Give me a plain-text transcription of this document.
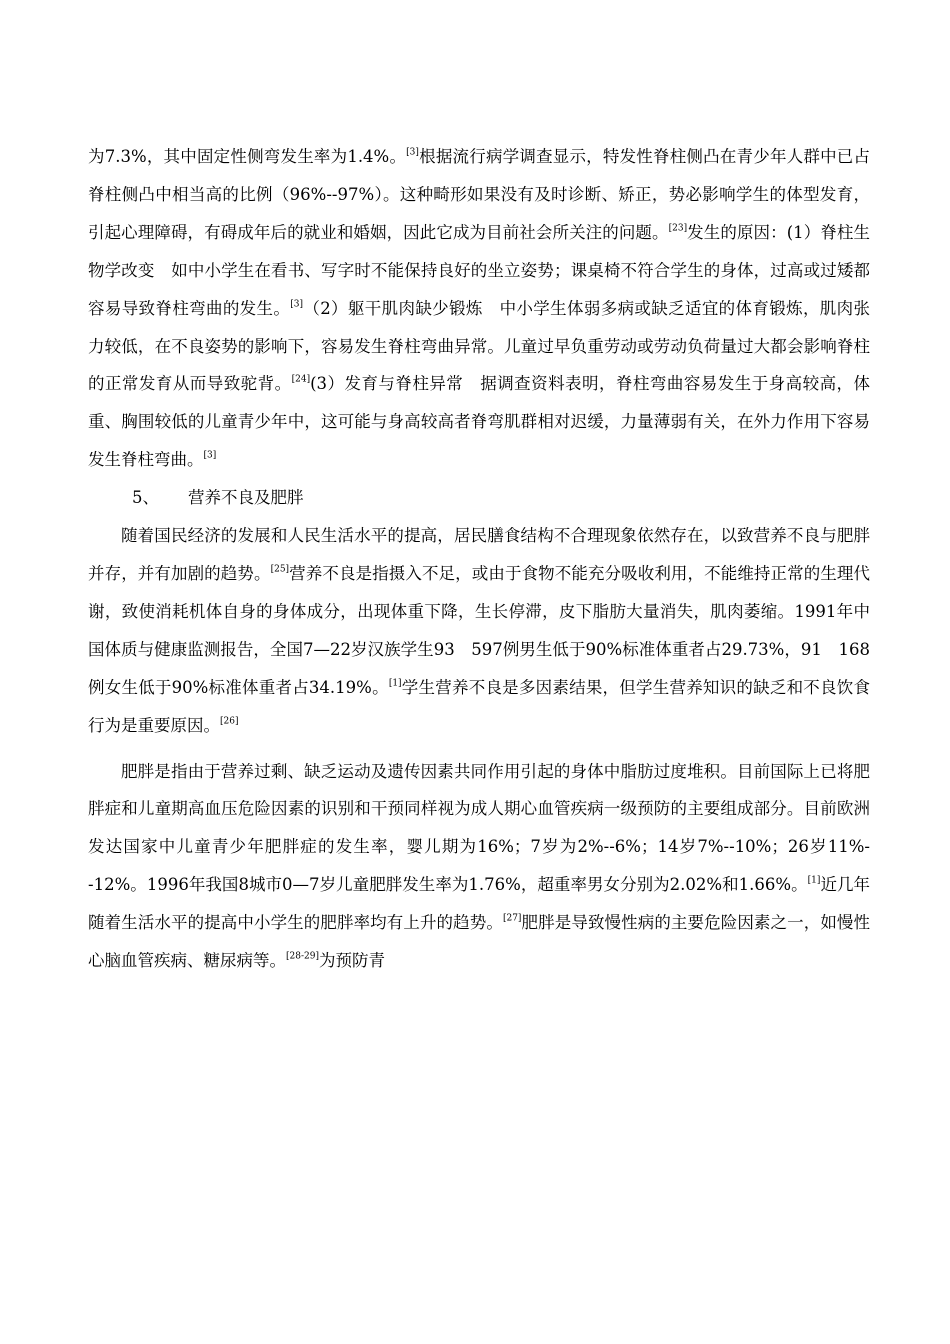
为7.3%，其中固定性侧弯发生率为1.4%。[3]根据流行病学调查显示，特发性脊柱侧凸在青少年人群中已占脊柱侧凸中相当高的比例（96%--97%）。这种畸形如果没有及时诊断、矫正，势必影响学生的体型发育，引起心理障碍，有碍成年后的就业和婚姻，因此它成为目前社会所关注的问题。[23]发生的原因：(1）脊柱生物学改变　如中小学生在看书、写字时不能保持良好的坐立姿势；课桌椅不符合学生的身体，过高或过矮都容易导致脊柱弯曲的发生。[3]（2）躯干肌肉缺少锻炼　中小学生体弱多病或缺乏适宜的体育锻炼，肌肉张力较低，在不良姿势的影响下，容易发生脊柱弯曲异常。儿童过早负重劳动或劳动负荷量过大都会影响脊柱的正常发育从而导致驼背。[24](3）发育与脊柱异常　据调查资料表明，脊柱弯曲容易发生于身高较高，体重、胸围较低的儿童青少年中，这可能与身高较高者脊弯肌群相对迟缓，力量薄弱有关，在外力作用下容易发生脊柱弯曲。[3]

5、 营养不良及肥胖

随着国民经济的发展和人民生活水平的提高，居民膳食结构不合理现象依然存在，以致营养不良与肥胖并存，并有加剧的趋势。[25]营养不良是指摄入不足，或由于食物不能充分吸收利用，不能维持正常的生理代谢，致使消耗机体自身的身体成分，出现体重下降，生长停滞，皮下脂肪大量消失，肌肉萎缩。1991年中国体质与健康监测报告，全国7—22岁汉族学生93　597例男生低于90%标准体重者占29.73%，91　168例女生低于90%标准体重者占34.19%。[1]学生营养不良是多因素结果，但学生营养知识的缺乏和不良饮食行为是重要原因。[26]

肥胖是指由于营养过剩、缺乏运动及遗传因素共同作用引起的身体中脂肪过度堆积。目前国际上已将肥胖症和儿童期高血压危险因素的识别和干预同样视为成人期心血管疾病一级预防的主要组成部分。目前欧洲发达国家中儿童青少年肥胖症的发生率，婴儿期为16%；7岁为2%--6%；14岁7%--10%；26岁11%--12%。1996年我国8城市0—7岁儿童肥胖发生率为1.76%，超重率男女分别为2.02%和1.66%。[1]近几年随着生活水平的提高中小学生的肥胖率均有上升的趋势。[27]肥胖是导致慢性病的主要危险因素之一，如慢性心脑血管疾病、糖尿病等。[28-29]为预防青
